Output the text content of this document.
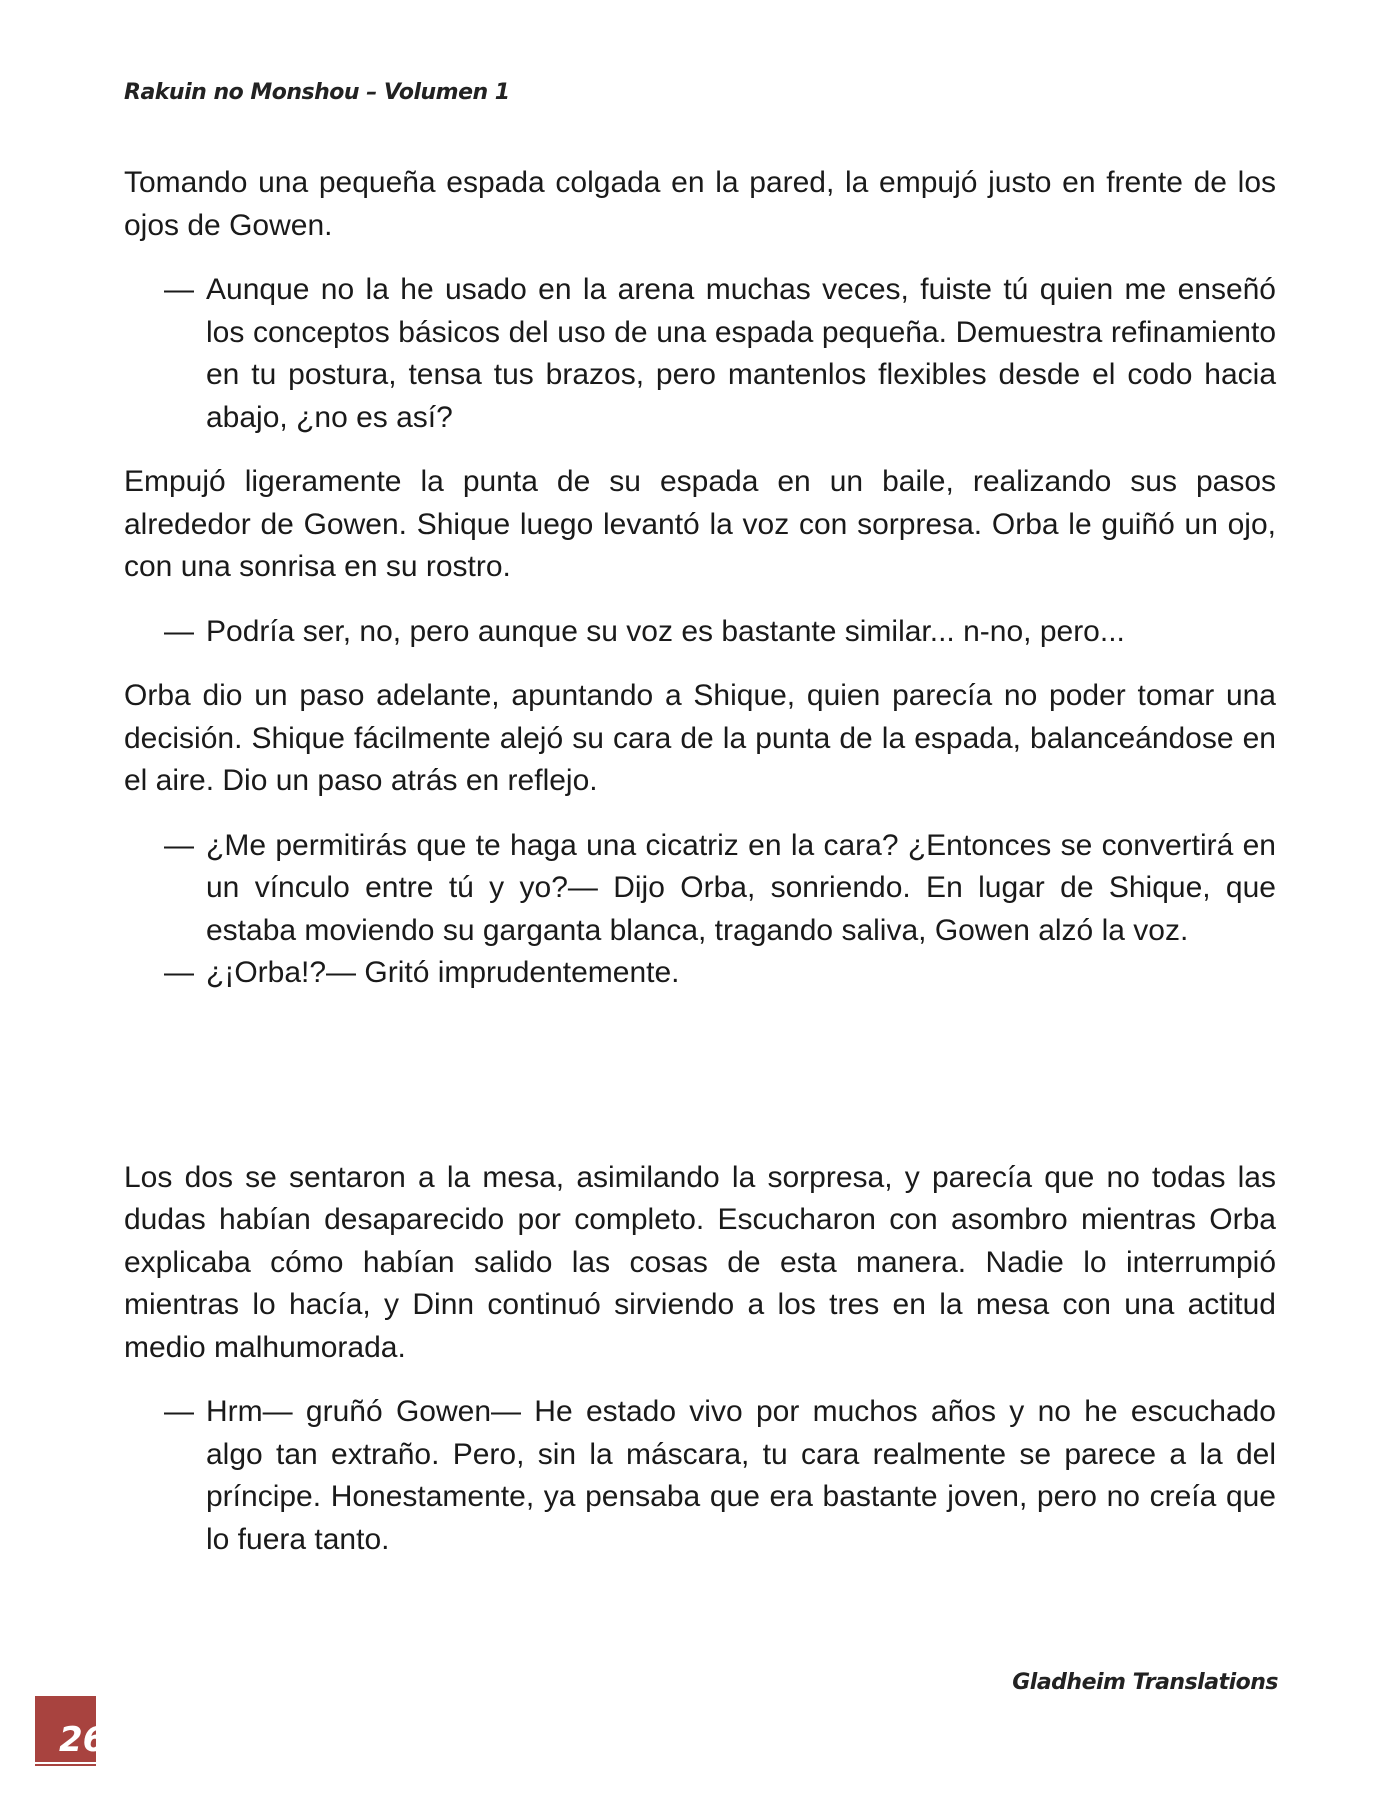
Rakuin no Monshou – Volumen 1

Tomando una pequeña espada colgada en la pared, la empujó justo en frente de los ojos de Gowen.

— Aunque no la he usado en la arena muchas veces, fuiste tú quien me enseñó los conceptos básicos del uso de una espada pequeña. Demuestra refinamiento en tu postura, tensa tus brazos, pero mantenlos flexibles desde el codo hacia abajo, ¿no es así?

Empujó ligeramente la punta de su espada en un baile, realizando sus pasos alrededor de Gowen. Shique luego levantó la voz con sorpresa. Orba le guiñó un ojo, con una sonrisa en su rostro.

— Podría ser, no, pero aunque su voz es bastante similar... n-no, pero...

Orba dio un paso adelante, apuntando a Shique, quien parecía no poder tomar una decisión. Shique fácilmente alejó su cara de la punta de la espada, balanceándose en el aire. Dio un paso atrás en reflejo.

— ¿Me permitirás que te haga una cicatriz en la cara? ¿Entonces se convertirá en un vínculo entre tú y yo?— Dijo Orba, sonriendo. En lugar de Shique, que estaba moviendo su garganta blanca, tragando saliva, Gowen alzó la voz.
— ¿¡Orba!?— Gritó imprudentemente.

Los dos se sentaron a la mesa, asimilando la sorpresa, y parecía que no todas las dudas habían desaparecido por completo. Escucharon con asombro mientras Orba explicaba cómo habían salido las cosas de esta manera. Nadie lo interrumpió mientras lo hacía, y Dinn continuó sirviendo a los tres en la mesa con una actitud medio malhumorada.

— Hrm— gruñó Gowen— He estado vivo por muchos años y no he escuchado algo tan extraño. Pero, sin la máscara, tu cara realmente se parece a la del príncipe. Honestamente, ya pensaba que era bastante joven, pero no creía que lo fuera tanto.
Gladheim Translations
26
